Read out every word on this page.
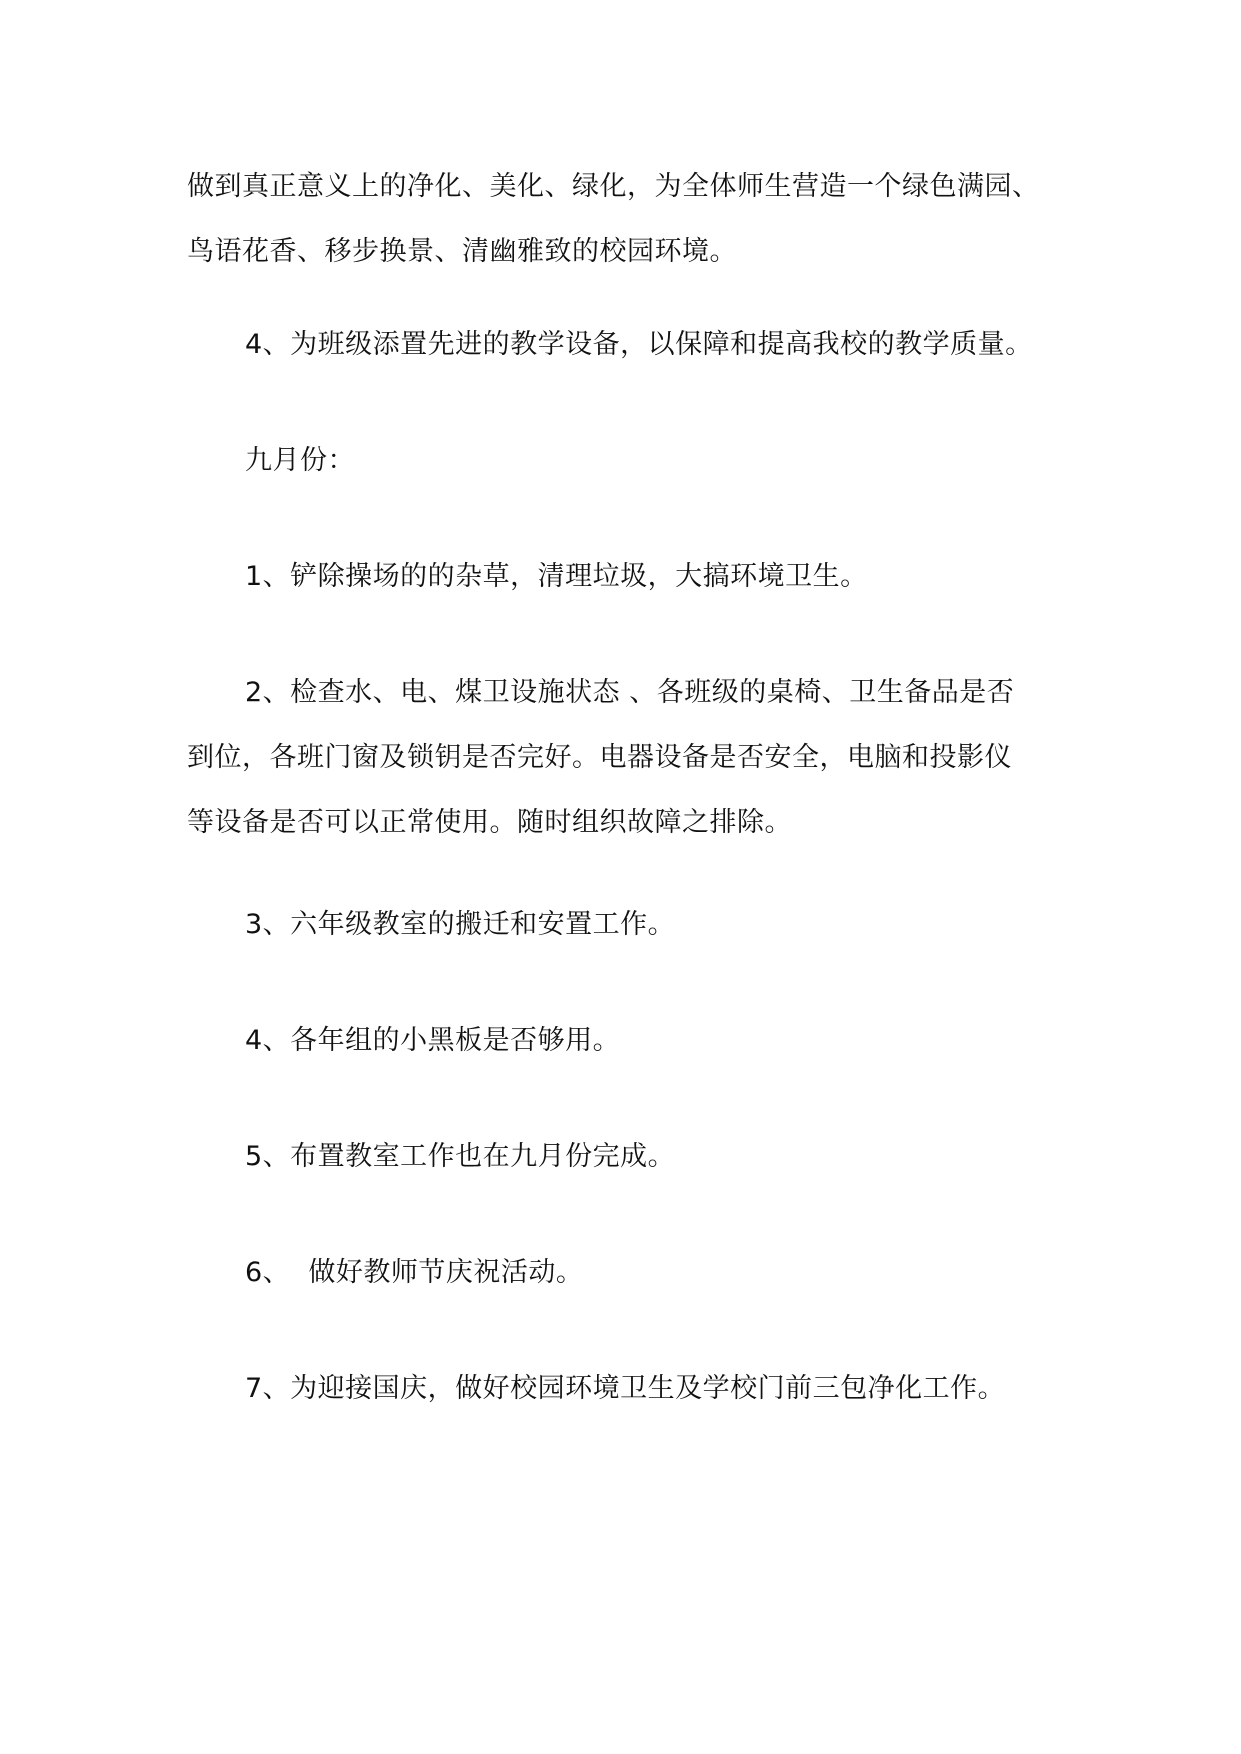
做到真正意义上的净化、美化、绿化，为全体师生营造一个绿色满园、
鸟语花香、移步换景、清幽雅致的校园环境。
4、为班级添置先进的教学设备，以保障和提高我校的教学质量。
九月份：
1、铲除操场的的杂草，清理垃圾，大搞环境卫生。
2、检查水、电、煤卫设施状态 、各班级的桌椅、卫生备品是否
到位，各班门窗及锁钥是否完好。电器设备是否安全，电脑和投影仪
等设备是否可以正常使用。随时组织故障之排除。
3、六年级教室的搬迁和安置工作。
4、各年组的小黑板是否够用。
5、布置教室工作也在九月份完成。
6、  做好教师节庆祝活动。
7、为迎接国庆，做好校园环境卫生及学校门前三包净化工作。
